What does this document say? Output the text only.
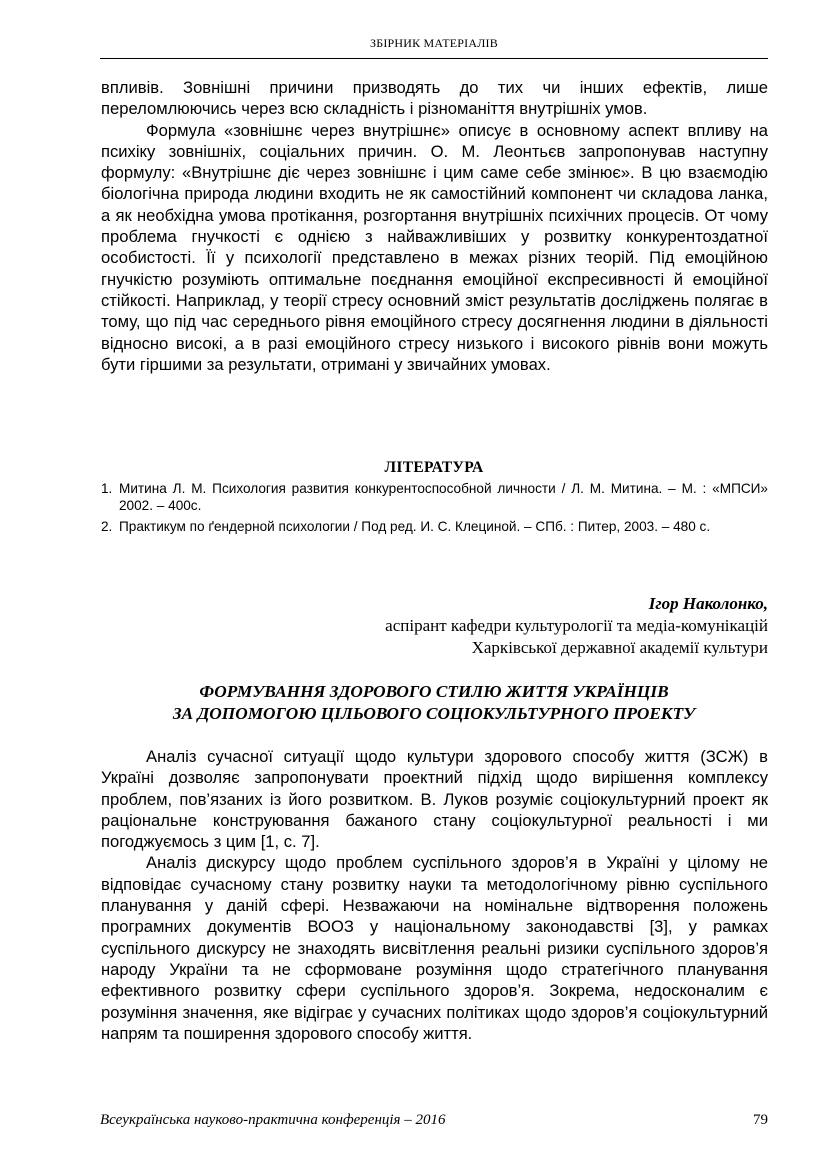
ЗБІРНИК МАТЕРІАЛІВ

впливів. Зовнішні причини призводять до тих чи інших ефектів, лише переломлюючись через всю складність і різноманіття внутрішніх умов.

Формула «зовнішнє через внутрішнє» описує в основному аспект впливу на психіку зовнішніх, соціальних причин. О. М. Леонтьєв запропонував наступну формулу: «Внутрішнє діє через зовнішнє і цим саме себе змінює». В цю взаємодію біологічна природа людини входить не як самостійний компонент чи складова ланка, а як необхідна умова протікання, розгортання внутрішніх психічних процесів. От чому проблема гнучкості є однією з найважливіших у розвитку конкурентоздатної особистості. Її у психології представлено в межах різних теорій. Під емоційною гнучкістю розуміють оптимальне поєднання емоційної експресивності й емоційної стійкості. Наприклад, у теорії стресу основний зміст результатів досліджень полягає в тому, що під час середнього рівня емоційного стресу досягнення людини в діяльності відносно високі, а в разі емоційного стресу низького і високого рівнів вони можуть бути гіршими за результати, отримані у звичайних умовах.

ЛІТЕРАТУРА
1. Митина Л. М. Психология развития конкурентоспособной личности / Л. М. Митина. – М. : «МПСИ» 2002. – 400с.
2. Практикум по ґендерной психологии / Под ред. И. С. Клециной. – СПб. : Питер, 2003. – 480 с.
Ігор Наколонко,
аспірант кафедри культурології та медіа-комунікацій
Харківської державної академії культури
ФОРМУВАННЯ ЗДОРОВОГО СТИЛЮ ЖИТТЯ УКРАЇНЦІВ
ЗА ДОПОМОГОЮ ЦІЛЬОВОГО СОЦІОКУЛЬТУРНОГО ПРОЕКТУ

Аналіз сучасної ситуації щодо культури здорового способу життя (ЗСЖ) в Україні дозволяє запропонувати проектний підхід щодо вирішення комплексу проблем, пов’язаних із його розвитком. В. Луков розуміє соціокультурний проект як раціональне конструювання бажаного стану соціокультурної реальності і ми погоджуємось з цим [1, с. 7].

Аналіз дискурсу щодо проблем суспільного здоров’я в Україні у цілому не відповідає сучасному стану розвитку науки та методологічному рівню суспільного планування у даній сфері. Незважаючи на номінальне відтворення положень програмних документів ВООЗ у національному законодавстві [3], у рамках суспільного дискурсу не знаходять висвітлення реальні ризики суспільного здоров’я народу України та не сформоване розуміння щодо стратегічного планування ефективного розвитку сфери суспільного здоров’я. Зокрема, недосконалим є розуміння значення, яке відіграє у сучасних політиках щодо здоров’я соціокультурний напрям та поширення здорового способу життя.

Всеукраїнська науково-практична конференція – 2016	79
